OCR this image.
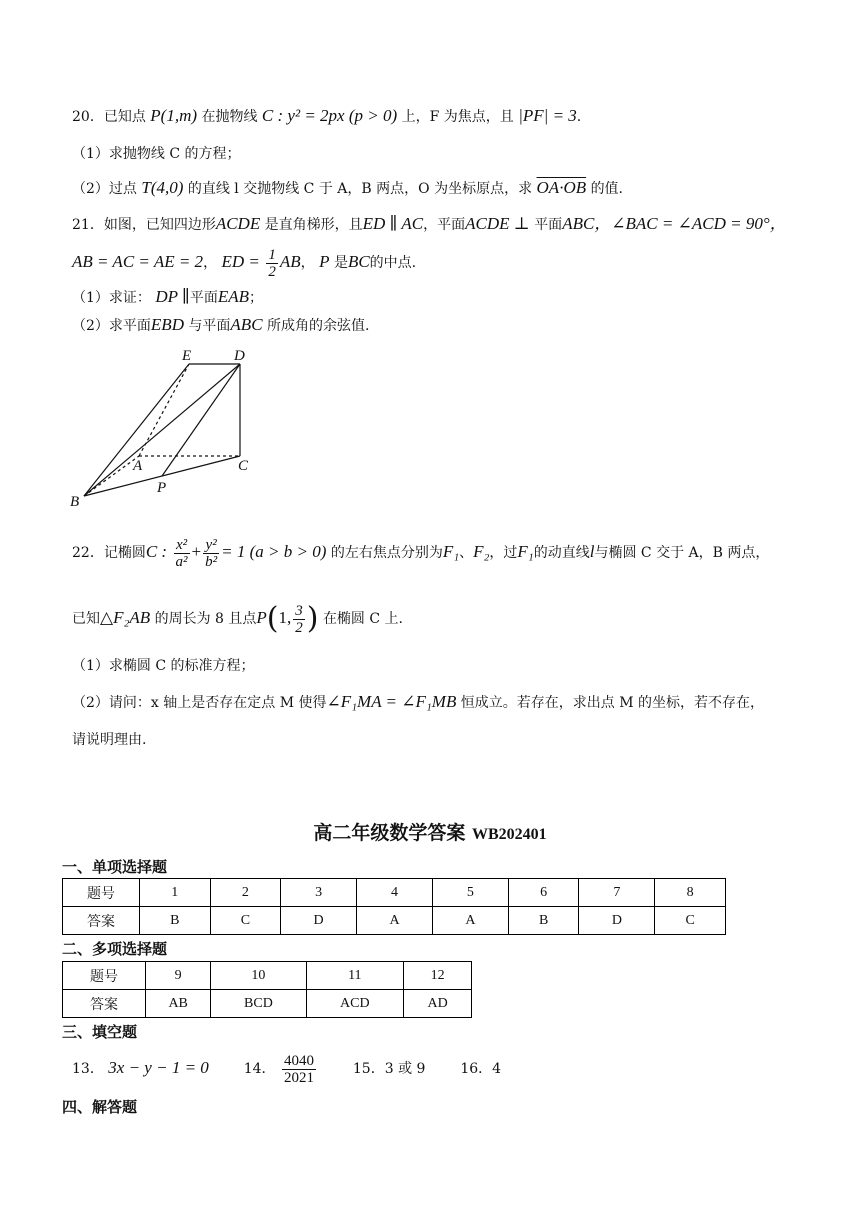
20．已知点 P(1,m) 在抛物线 C : y² = 2px (p > 0) 上，F 为焦点，且 |PF| = 3.
（1）求抛物线 C 的方程；
（2）过点 T(4,0) 的直线 l 交抛物线 C 于 A，B 两点，O 为坐标原点，求 OA·OB 的值.
21．如图，已知四边形ACDE 是直角梯形，且ED ∥ AC，平面ACDE ⊥ 平面ABC，∠BAC = ∠ACD = 90°，
AB = AC = AE = 2， ED = $\frac{1}{2}$ AB， P 是BC的中点.
（1）求证： DP ∥平面EAB；
（2）求平面EBD 与平面ABC 所成角的余弦值.
E	D
A	C
B
P
22．记椭圆C : $\frac{\text{x²}}{\text{a²}} + \frac{\text{y²}}{\text{b²}} = 1$ (a > b > 0) 的左右焦点分别为F₁、F₂，过F₁的动直线l与椭圆 C 交于 A，B 两点，
已知△F₂AB 的周长为 8 且点P(1, $\frac{3}{2}$ ) 在椭圆 C 上.
（1）求椭圆 C 的标准方程；
（2）请问：x 轴上是否存在定点 M 使得∠F₁MA = ∠F₁MB 恒成立。若存在，求出点 M 的坐标，若不存在，
请说明理由.
高二年级数学答案 WB202401
一、单项选择题
题号	1	2	3	4	5	6	7	8
答案	B	C	D	A	A	B	D	C
二、多项选择题
题号	9	10	11	12
答案	AB	BCD	ACD	AD
三、填空题
13． 3x − y − 1 = 0 14． $\frac{4040}{2021}$	15．3 或 9 16．4
四、解答题
